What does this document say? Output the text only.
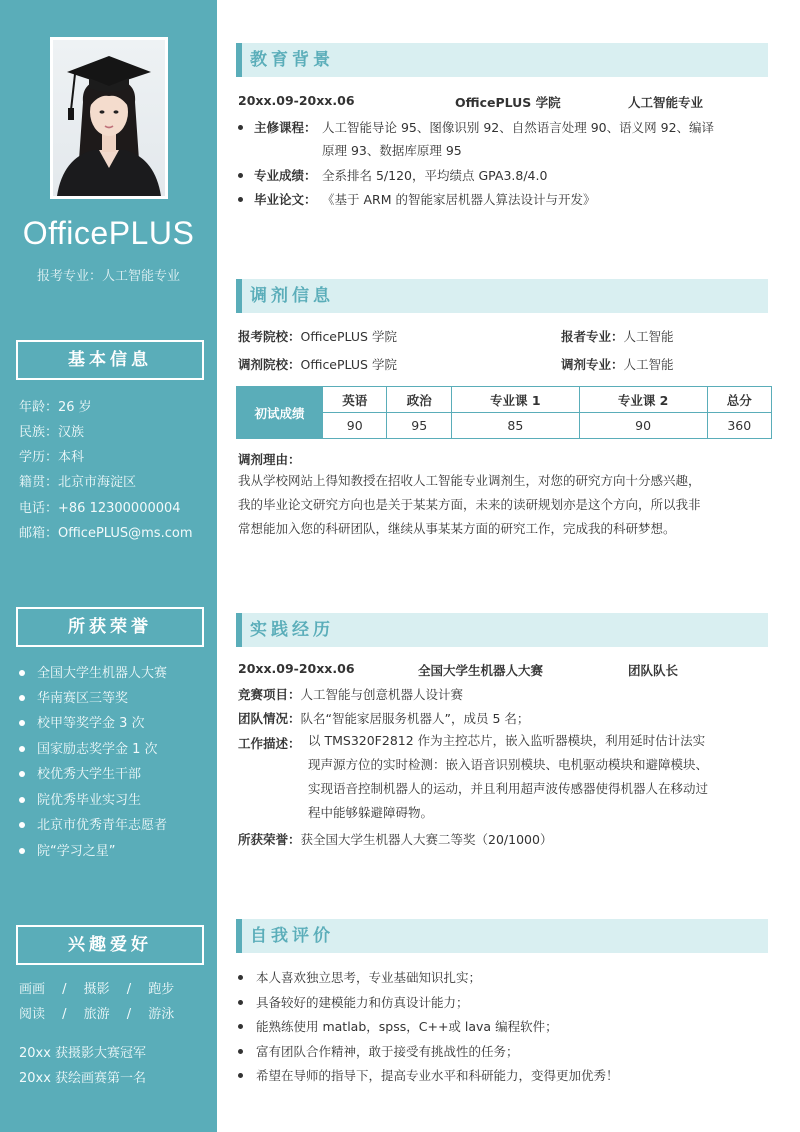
OfficePLUS
报考专业：人工智能专业
基本信息
年龄：26 岁
民族：汉族
学历：本科
籍贯：北京市海淀区
电话：+86 12300000004
邮箱：OfficePLUS@ms.com
所获荣誉
全国大学生机器人大赛
华南赛区三等奖
校甲等奖学金 3 次
国家励志奖学金 1 次
校优秀大学生干部
院优秀毕业实习生
北京市优秀青年志愿者
院“学习之星”
兴趣爱好
画画　 /　 摄影　 /　 跑步
阅读　 /　 旅游　 /　 游泳
20xx 获摄影大赛冠军
20xx 获绘画赛第一名
教育背景
20xx.09-20xx.06	OfficePLUS 学院	人工智能专业
主修课程： 人工智能导论 95、图像识别 92、自然语言处理 90、语义网 92、编译
原理 93、数据库原理 95
专业成绩： 全系排名 5/120，平均绩点 GPA3.8/4.0
毕业论文： 《基于 ARM 的智能家居机器人算法设计与开发》
调剂信息
报考院校：OfficePLUS 学院	报者专业：人工智能
调剂院校：OfficePLUS 学院	调剂专业：人工智能
初试成绩	英语	政治	专业课 1	专业课 2	总分
	90	95	85	90	360
调剂理由：
我从学校网站上得知教授在招收人工智能专业调剂生，对您的研究方向十分感兴趣，
我的毕业论文研究方向也是关于某某方面，未来的读研规划亦是这个方向，所以我非
常想能加入您的科研团队，继续从事某某方面的研究工作，完成我的科研梦想。
实践经历
20xx.09-20xx.06	全国大学生机器人大赛	团队队长
竞赛项目：人工智能与创意机器人设计赛
团队情况：队名“智能家居服务机器人”，成员 5 名；
工作描述： 以 TMS320F2812 作为主控芯片，嵌入监听器模块，利用延时估计法实
现声源方位的实时检测：嵌入语音识别模块、电机驱动模块和避障模块、
实现语音控制机器人的运动，并且利用超声波传感器使得机器人在移动过
程中能够躲避障碍物。
所获荣誉：获全国大学生机器人大赛二等奖（20/1000）
自我评价
本人喜欢独立思考，专业基础知识扎实；
具备较好的建模能力和仿真设计能力；
能熟练使用 matlab，spss，C++或 lava 编程软件；
富有团队合作精神，敢于接受有挑战性的任务；
希望在导师的指导下，提高专业水平和科研能力，变得更加优秀！
